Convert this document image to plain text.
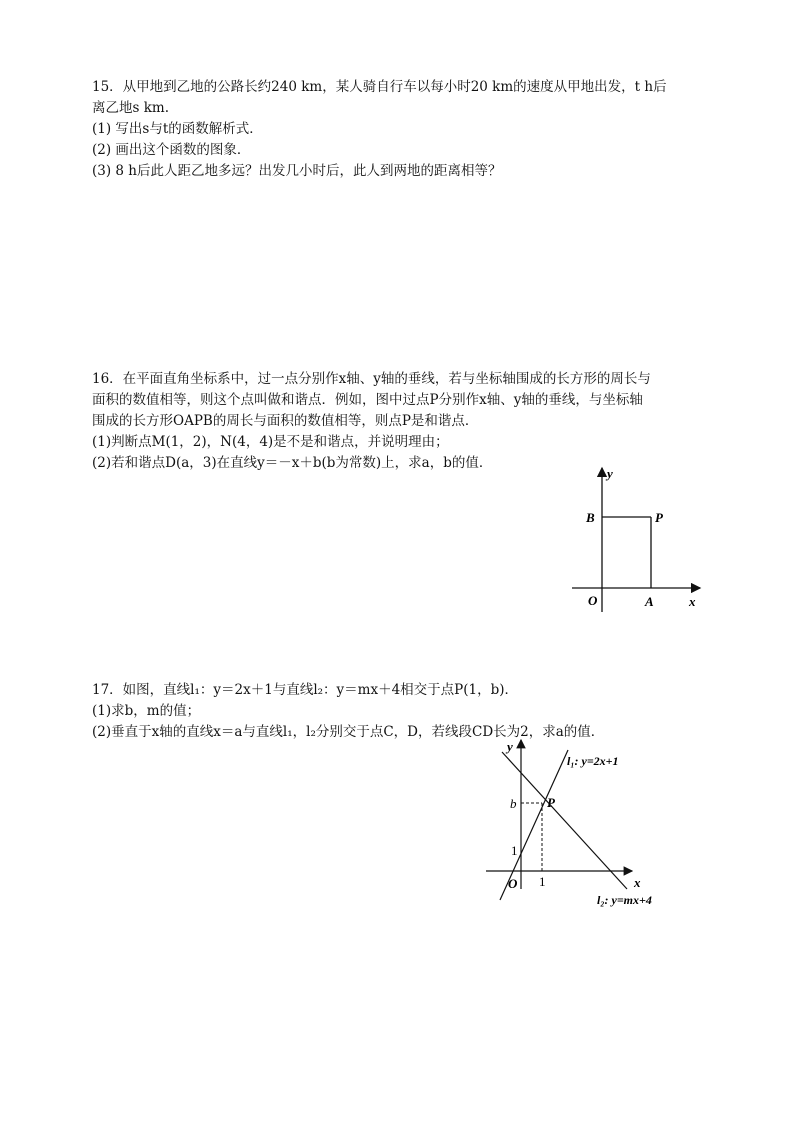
15．从甲地到乙地的公路长约240 km，某人骑自行车以每小时20 km的速度从甲地出发，t h后
离乙地s km.
(1) 写出s与t的函数解析式．
(2) 画出这个函数的图象．
(3) 8 h后此人距乙地多远？出发几小时后，此人到两地的距离相等？
16．在平面直角坐标系中，过一点分别作x轴、y轴的垂线，若与坐标轴围成的长方形的周长与
面积的数值相等，则这个点叫做和谐点．例如，图中过点P分别作x轴、y轴的垂线，与坐标轴
围成的长方形OAPB的周长与面积的数值相等，则点P是和谐点．
(1)判断点M(1，2)，N(4，4)是不是和谐点，并说明理由；
(2)若和谐点D(a，3)在直线y＝－x＋b(b为常数)上，求a，b的值．
y
B	P
O	A	x
17．如图，直线l₁：y＝2x＋1与直线l₂：y＝mx＋4相交于点P(1，b)．
(1)求b，m的值；
(2)垂直于x轴的直线x＝a与直线l₁，l₂分别交于点C，D，若线段CD长为2，求a的值．
y
b
1
O 1	x
P
l₁: y=2x+1
l₂: y=mx+4
